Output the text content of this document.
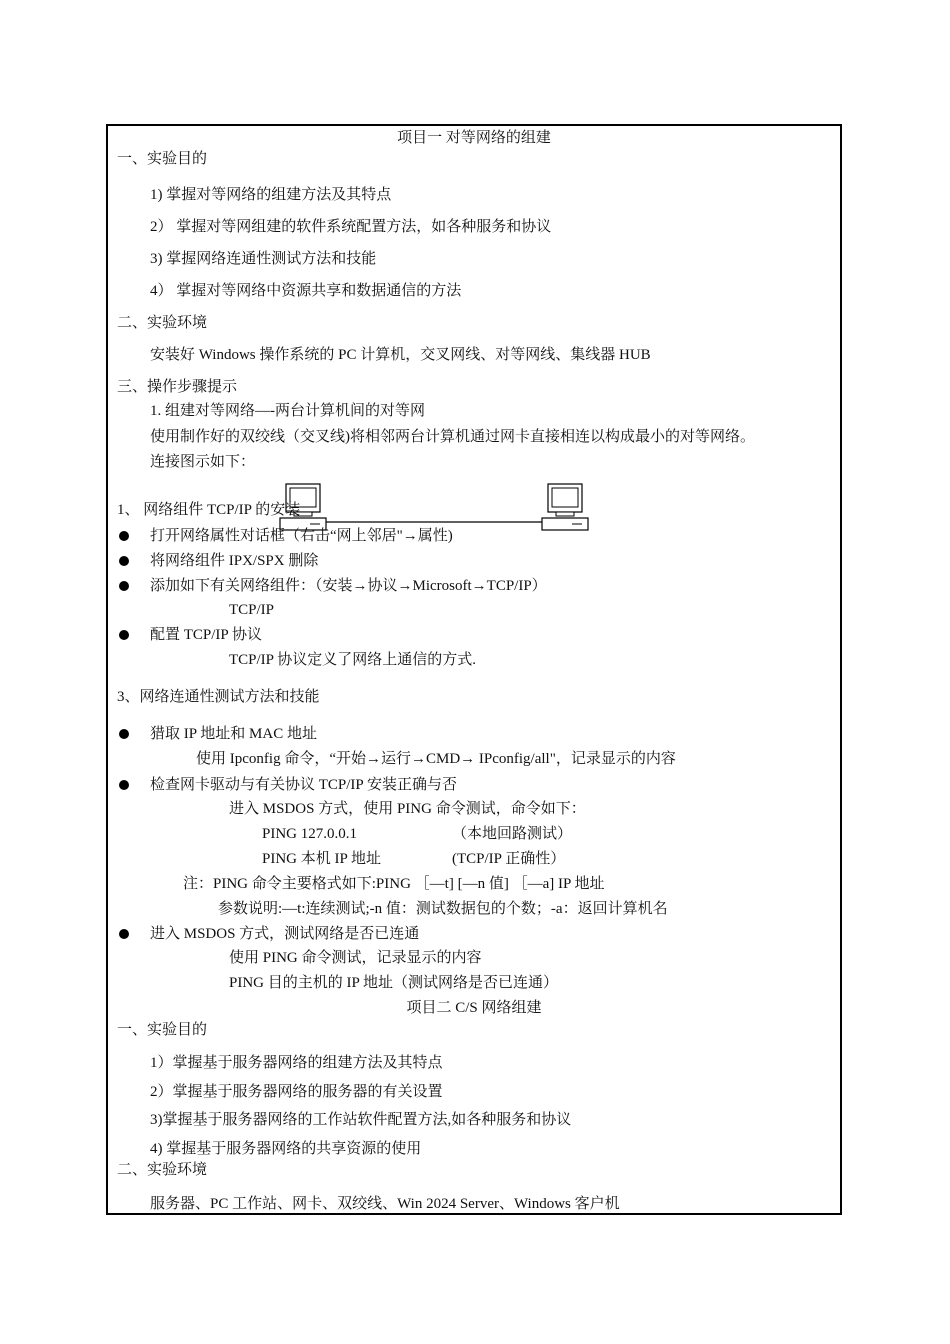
项目一 对等网络的组建
一、实验目的
1) 掌握对等网络的组建方法及其特点
2） 掌握对等网组建的软件系统配置方法，如各种服务和协议
3) 掌握网络连通性测试方法和技能
4） 掌握对等网络中资源共享和数据通信的方法
二、实验环境
安装好 Windows 操作系统的 PC 计算机，交叉网线、对等网线、集线器 HUB
三、操作步骤提示
1. 组建对等网络—-两台计算机间的对等网
使用制作好的双绞线（交叉线)将相邻两台计算机通过网卡直接相连以构成最小的对等网络。
连接图示如下：
1、 网络组件 TCP/IP 的安装
打开网络属性对话框（右击“网上邻居"→属性)
将网络组件 IPX/SPX 删除
添加如下有关网络组件：（安装→协议→Microsoft→TCP/IP）
TCP/IP
配置 TCP/IP 协议
TCP/IP 协议定义了网络上通信的方式.
3、网络连通性测试方法和技能
猎取 IP 地址和 MAC 地址
使用 Ipconfig 命令，“开始→运行→CMD→ IPconfig/all"，记录显示的内容
检查网卡驱动与有关协议 TCP/IP 安装正确与否
进入 MSDOS 方式，使用 PING 命令测试，命令如下：
PING 127.0.0.1	（本地回路测试）
PING 本机 IP 地址	(TCP/IP 正确性）
注：PING 命令主要格式如下:PING ［—t] [—n 值] ［—a] IP 地址
参数说明:—t:连续测试;-n 值：测试数据包的个数；-a：返回计算机名
进入 MSDOS 方式，测试网络是否已连通
使用 PING 命令测试，记录显示的内容
PING 目的主机的 IP 地址（测试网络是否已连通）
项目二 C/S 网络组建
一、实验目的
1）掌握基于服务器网络的组建方法及其特点
2）掌握基于服务器网络的服务器的有关设置
3)掌握基于服务器网络的工作站软件配置方法,如各种服务和协议
4) 掌握基于服务器网络的共享资源的使用
二、实验环境
服务器、PC 工作站、网卡、双绞线、Win 2024 Server、Windows 客户机
